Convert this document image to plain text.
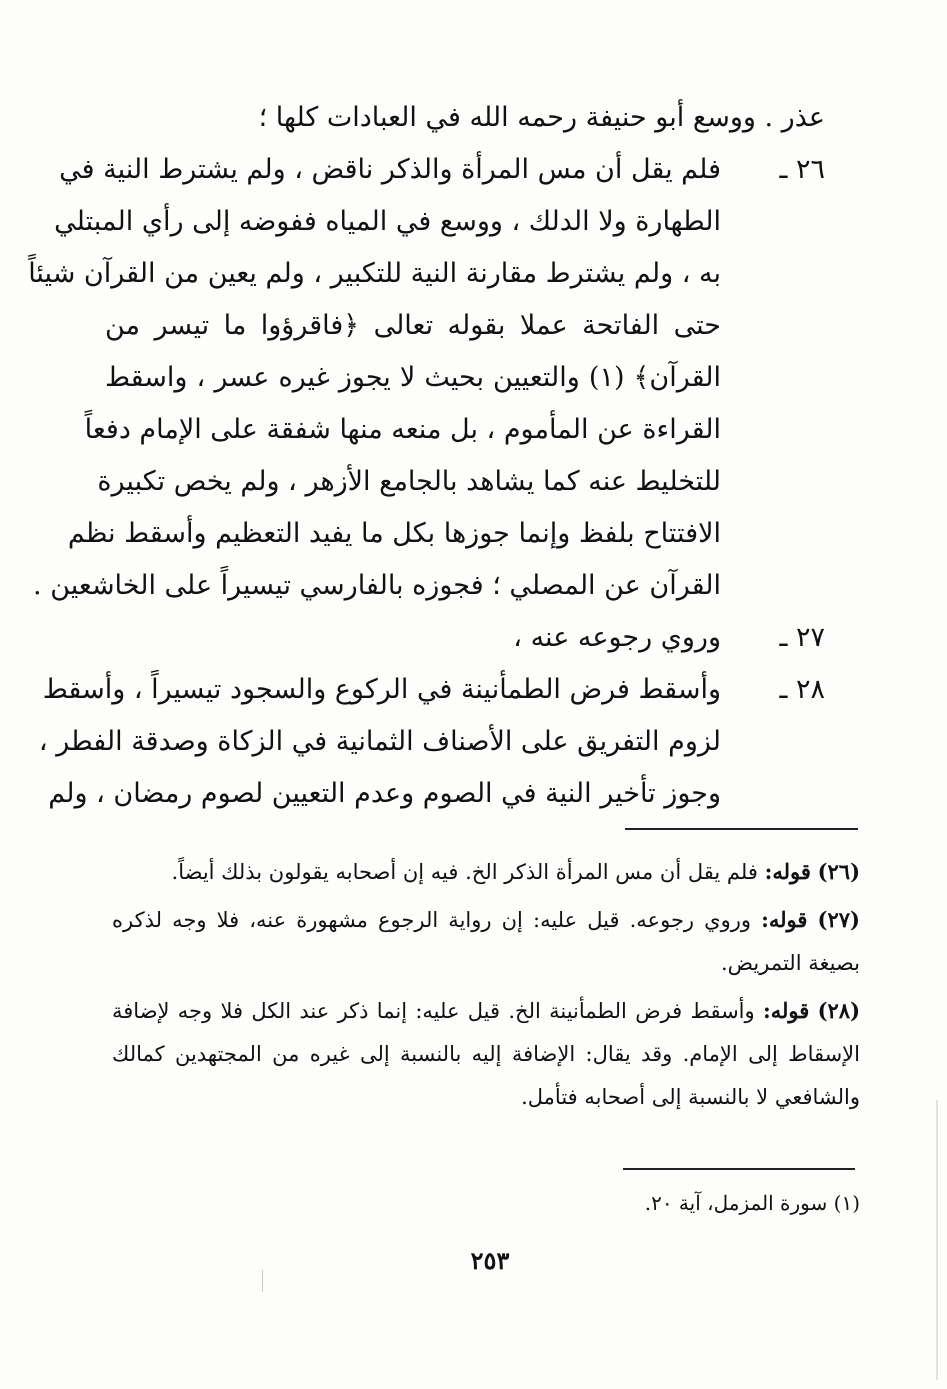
عذر . ووسع أبو حنيفة رحمه الله في العبادات كلها ؛
٢٦ ـ
فلم يقل أن مس المرأة والذكر ناقض ، ولم يشترط النية في
الطهارة ولا الدلك ، ووسع في المياه ففوضه إلى رأي المبتلي
به ، ولم يشترط مقارنة النية للتكبير ، ولم يعين من القرآن شيئاً
حتى الفاتحة عملا بقوله تعالى ﴿فاقرؤوا ما تيسر من
القرآن﴾ (١) والتعيين بحيث لا يجوز غيره عسر ، واسقط
القراءة عن المأموم ، بل منعه منها شفقة على الإمام دفعاً
للتخليط عنه كما يشاهد بالجامع الأزهر ، ولم يخص تكبيرة
الافتتاح بلفظ وإنما جوزها بكل ما يفيد التعظيم وأسقط نظم
القرآن عن المصلي ؛ فجوزه بالفارسي تيسيراً على الخاشعين .
٢٧ ـ
وروي رجوعه عنه ،
٢٨ ـ
وأسقط فرض الطمأنينة في الركوع والسجود تيسيراً ، وأسقط
لزوم التفريق على الأصناف الثمانية في الزكاة وصدقة الفطر ،
وجوز تأخير النية في الصوم وعدم التعيين لصوم رمضان ، ولم
(٢٦) قوله: فلم يقل أن مس المرأة الذكر الخ. فيه إن أصحابه يقولون بذلك أيضاً.
(٢٧) قوله: وروي رجوعه. قيل عليه: إن رواية الرجوع مشهورة عنه، فلا وجه لذكره بصيغة التمريض.
(٢٨) قوله: وأسقط فرض الطمأنينة الخ. قيل عليه: إنما ذكر عند الكل فلا وجه لإضافة الإسقاط إلى الإمام. وقد يقال: الإضافة إليه بالنسبة إلى غيره من المجتهدين كمالك والشافعي لا بالنسبة إلى أصحابه فتأمل.
(١) سورة المزمل، آية ٢٠.
٢٥٣
